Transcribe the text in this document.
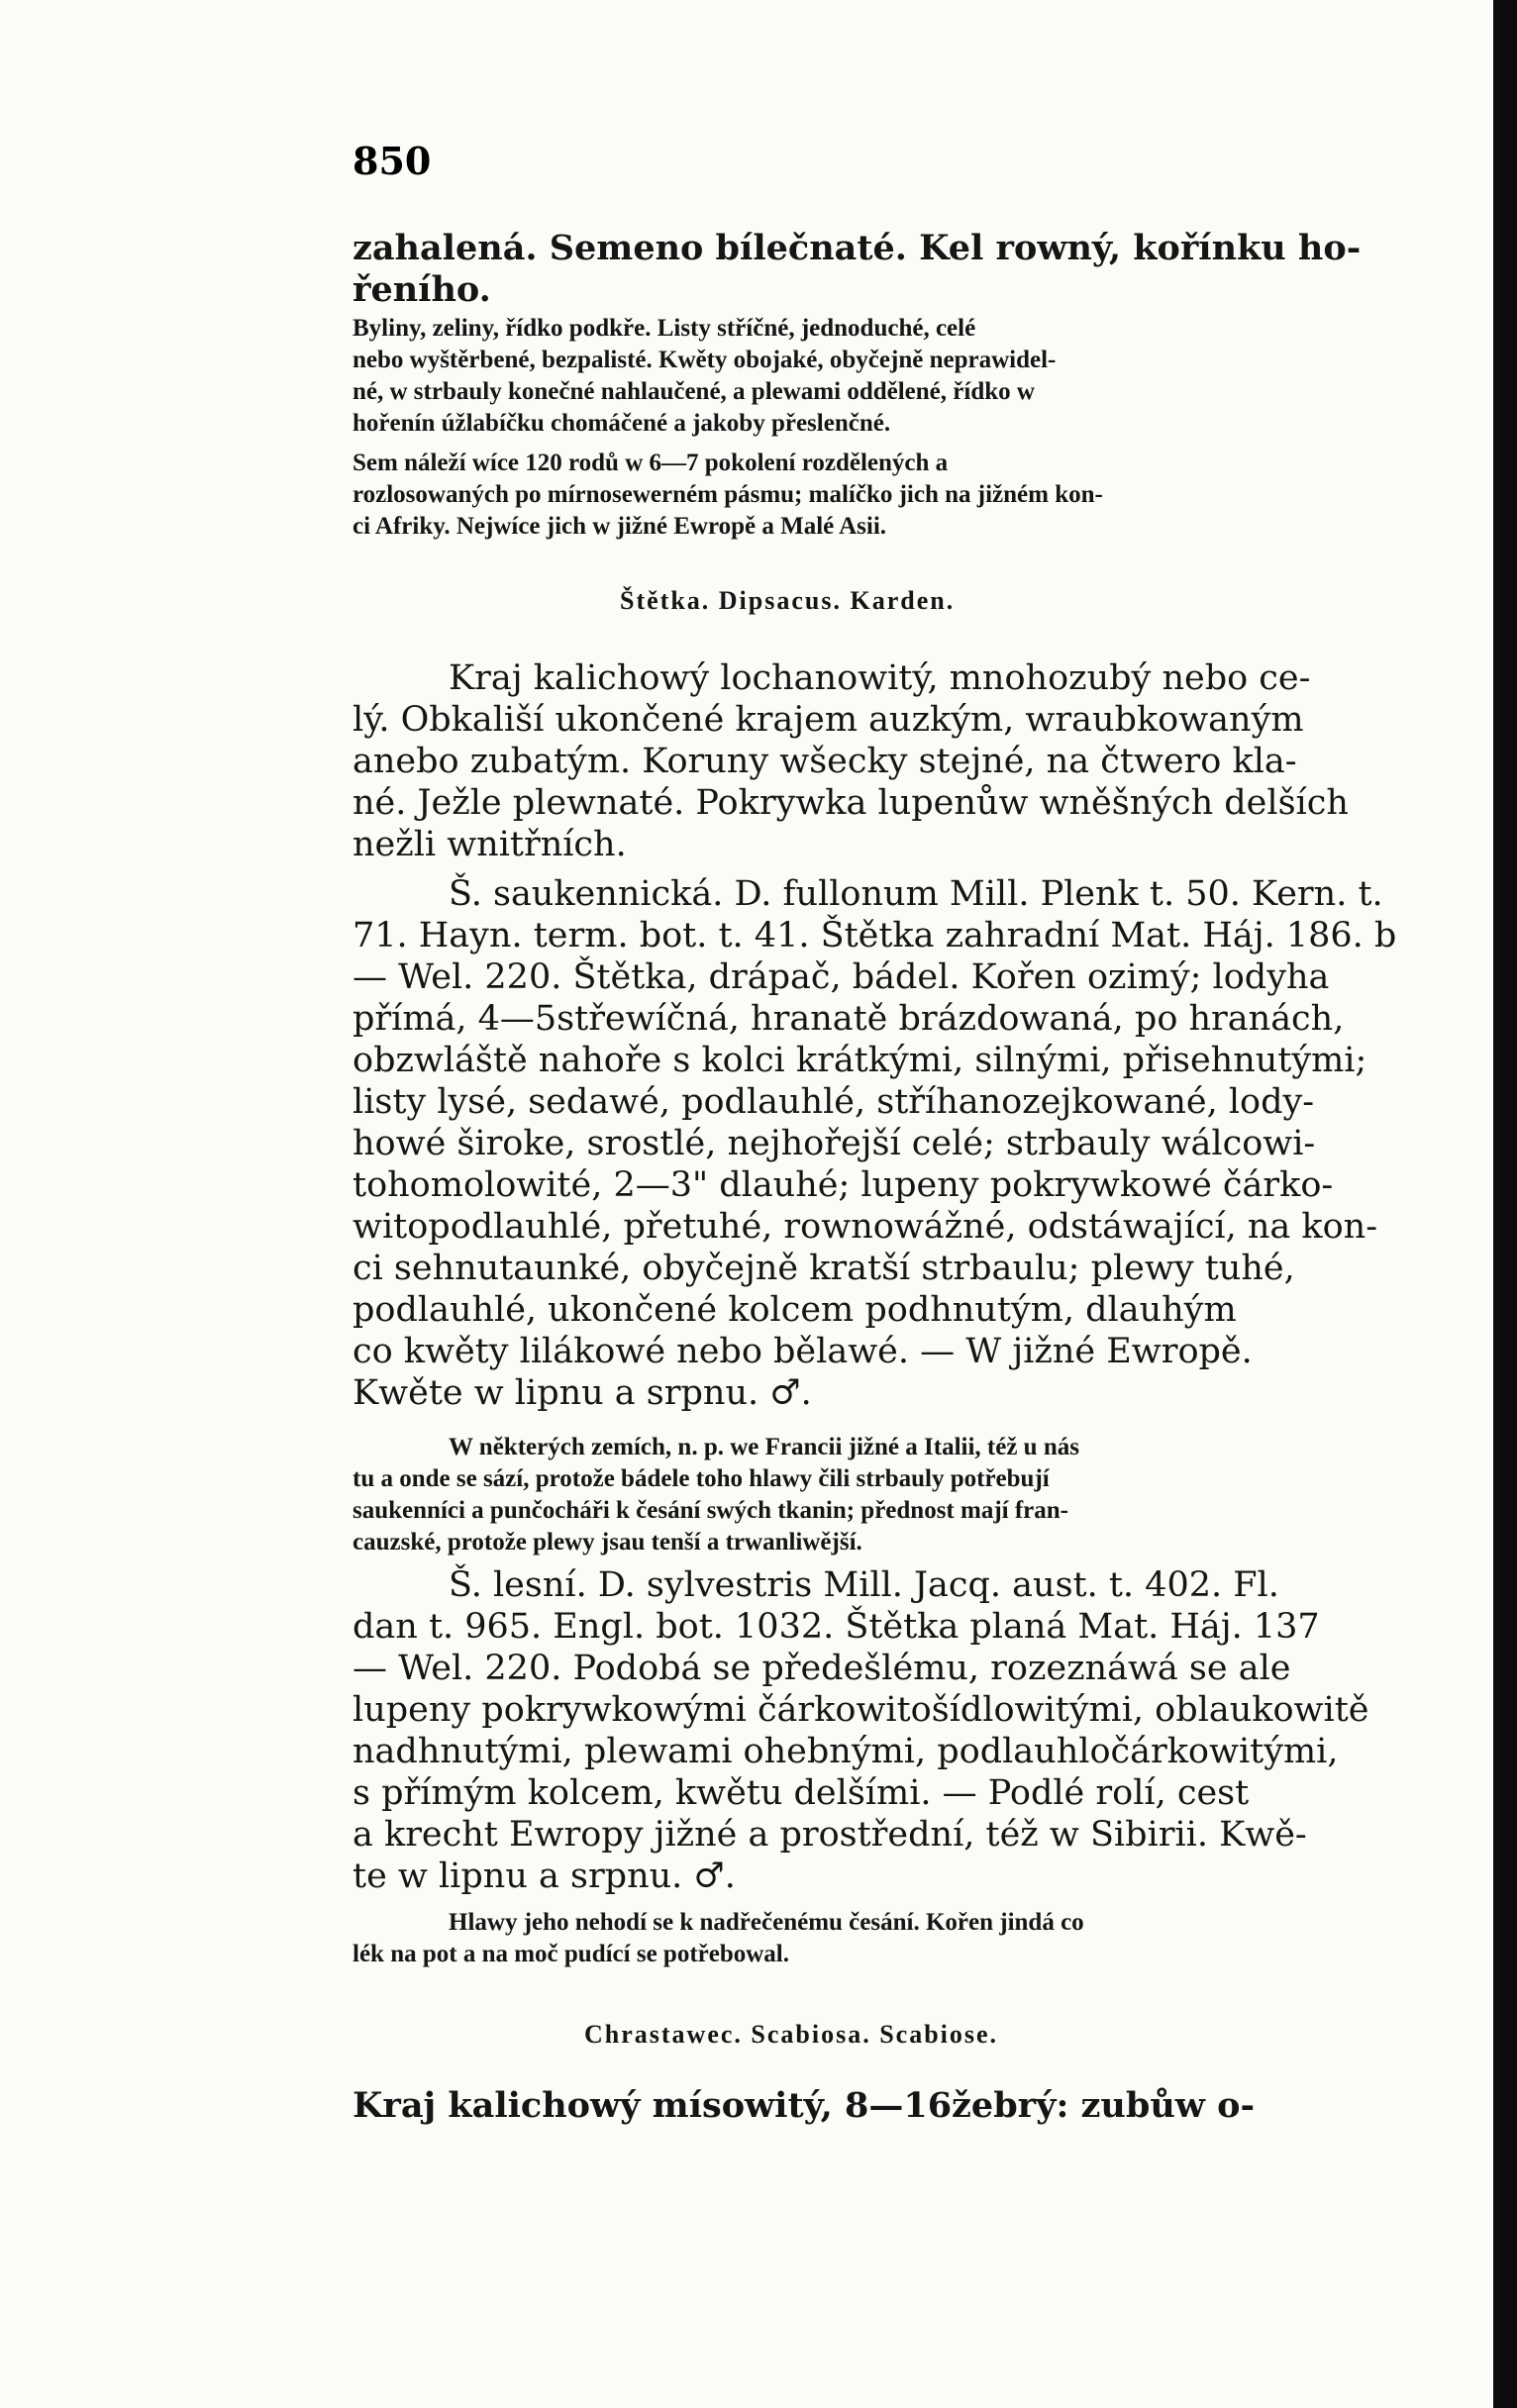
850
zahalená. Semeno bílečnaté. Kel rowný, kořínku ho-
řeního.
Byliny, zeliny, řídko podkře. Listy stříčné, jednoduché, celé
nebo wyštěrbené, bezpalisté. Kwěty obojaké, obyčejně neprawidel-
né, w strbauly konečné nahlaučené, a plewami oddělené, řídko w
hořenín úžlabíčku chomáčené a jakoby přeslenčné.
Sem náleží wíce 120 rodů w 6—7 pokolení rozdělených a
rozlosowaných po mírnosewerném pásmu; malíčko jich na jižném kon-
ci Afriky. Nejwíce jich w jižné Ewropě a Malé Asii.
Štětka. Dipsacus. Karden.
Kraj kalichowý lochanowitý, mnohozubý nebo ce-
lý. Obkališí ukončené krajem auzkým, wraubkowaným
anebo zubatým. Koruny wšecky stejné, na čtwero kla-
né. Ježle plewnaté. Pokrywka lupenůw wněšných delších
nežli wnitřních.
Š. saukennická. D. fullonum Mill. Plenk t. 50. Kern. t.
71. Hayn. term. bot. t. 41. Štětka zahradní Mat. Háj. 186. b
— Wel. 220. Štětka, drápač, bádel. Kořen ozimý; lodyha
přímá, 4—5střewíčná, hranatě brázdowaná, po hranách,
obzwláště nahoře s kolci krátkými, silnými, přisehnutými;
listy lysé, sedawé, podlauhlé, stříhanozejkowané, lody-
howé široke, srostlé, nejhořejší celé; strbauly wálcowi-
tohomolowité, 2—3" dlauhé; lupeny pokrywkowé čárko-
witopodlauhlé, přetuhé, rownowážné, odstáwající, na kon-
ci sehnutaunké, obyčejně kratší strbaulu; plewy tuhé,
podlauhlé, ukončené kolcem podhnutým, dlauhým
co kwěty lilákowé nebo bělawé. — W jižné Ewropě.
Kwěte w lipnu a srpnu. ♂.
W některých zemích, n. p. we Francii jižné a Italii, též u nás
tu a onde se sází, protože bádele toho hlawy čili strbauly potřebují
saukenníci a punčocháři k česání swých tkanin; přednost mají fran-
cauzské, protože plewy jsau tenší a trwanliwější.
Š. lesní. D. sylvestris Mill. Jacq. aust. t. 402. Fl.
dan t. 965. Engl. bot. 1032. Štětka planá Mat. Háj. 137
— Wel. 220. Podobá se předešlému, rozeznáwá se ale
lupeny pokrywkowými čárkowitošídlowitými, oblaukowitě
nadhnutými, plewami ohebnými, podlauhločárkowitými,
s přímým kolcem, kwětu delšími. — Podlé rolí, cest
a krecht Ewropy jižné a prostřední, též w Sibirii. Kwě-
te w lipnu a srpnu. ♂.
Hlawy jeho nehodí se k nadřečenému česání. Kořen jindá co
lék na pot a na moč pudící se potřebowal.
Chrastawec. Scabiosa. Scabiose.
Kraj kalichowý mísowitý, 8—16žebrý: zubůw o-
